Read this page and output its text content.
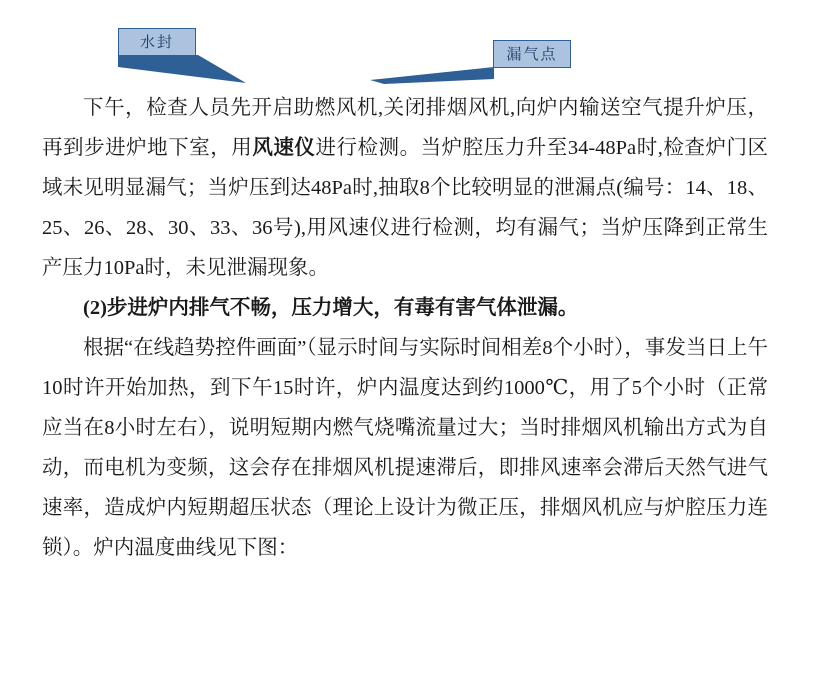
水封
漏气点

下午，检查人员先开启助燃风机,关闭排烟风机,向炉内输送空气提升炉压，再到步进炉地下室，用风速仪进行检测。当炉腔压力升至34-48Pa时,检查炉门区域未见明显漏气；当炉压到达48Pa时,抽取8个比较明显的泄漏点(编号：14、18、25、26、28、30、33、36号),用风速仪进行检测，均有漏气；当炉压降到正常生产压力10Pa时，未见泄漏现象。

(2)步进炉内排气不畅，压力增大，有毒有害气体泄漏。

根据“在线趋势控件画面”（显示时间与实际时间相差8个小时），事发当日上午10时许开始加热，到下午15时许，炉内温度达到约1000℃，用了5个小时（正常应当在8小时左右），说明短期内燃气烧嘴流量过大；当时排烟风机输出方式为自动，而电机为变频，这会存在排烟风机提速滞后，即排风速率会滞后天然气进气速率，造成炉内短期超压状态（理论上设计为微正压，排烟风机应与炉腔压力连锁）。炉内温度曲线见下图：
